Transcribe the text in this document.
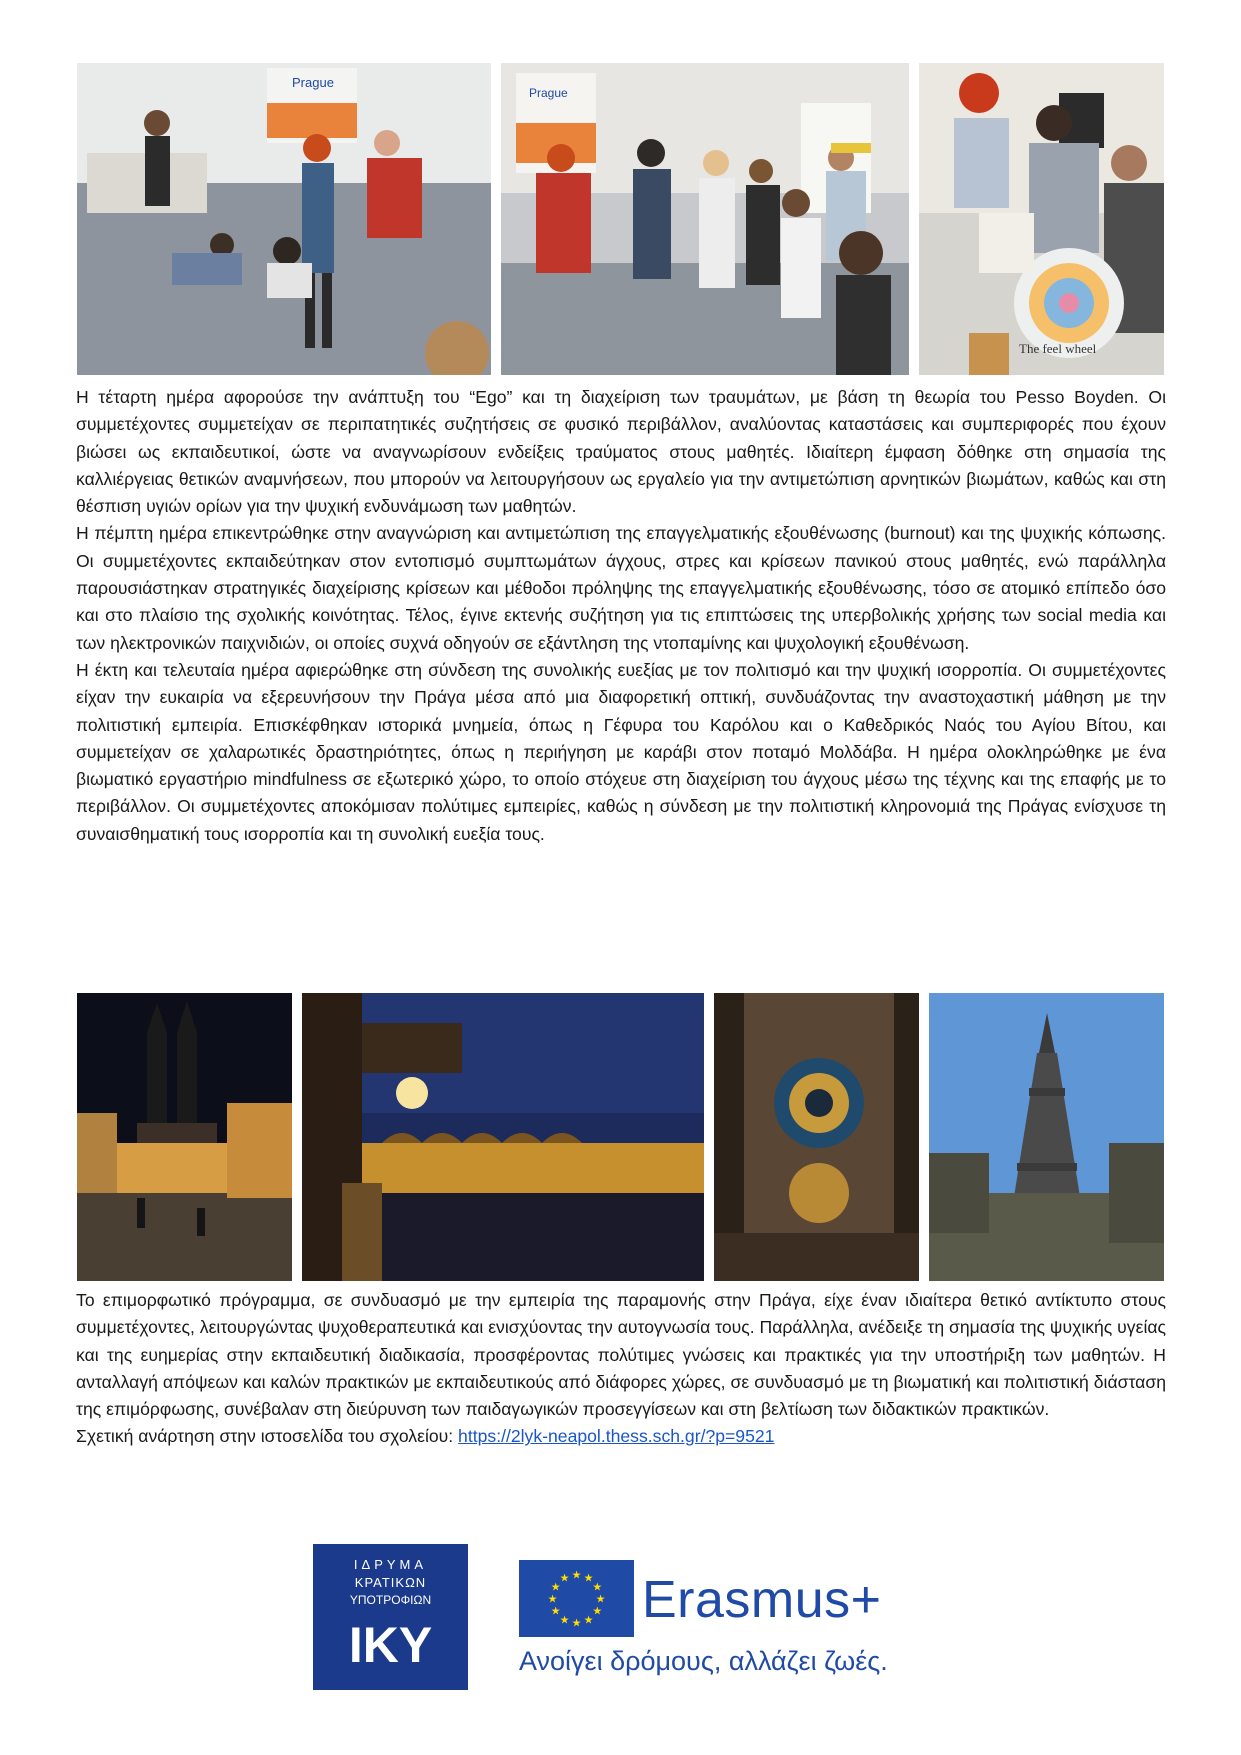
Prague
Prague
The feel wheel

Η τέταρτη ημέρα αφορούσε την ανάπτυξη του “Ego” και τη διαχείριση των τραυμάτων, με βάση τη θεωρία του Pesso Boyden. Οι συμμετέχοντες συμμετείχαν σε περιπατητικές συζητήσεις σε φυσικό περιβάλλον, αναλύοντας καταστάσεις και συμπεριφορές που έχουν βιώσει ως εκπαιδευτικοί, ώστε να αναγνωρίσουν ενδείξεις τραύματος στους μαθητές. Ιδιαίτερη έμφαση δόθηκε στη σημασία της καλλιέργειας θετικών αναμνήσεων, που μπορούν να λειτουργήσουν ως εργαλείο για την αντιμετώπιση αρνητικών βιωμάτων, καθώς και στη θέσπιση υγιών ορίων για την ψυχική ενδυνάμωση των μαθητών.

Η πέμπτη ημέρα επικεντρώθηκε στην αναγνώριση και αντιμετώπιση της επαγγελματικής εξουθένωσης (burnout) και της ψυχικής κόπωσης. Οι συμμετέχοντες εκπαιδεύτηκαν στον εντοπισμό συμπτωμάτων άγχους, στρες και κρίσεων πανικού στους μαθητές, ενώ παράλληλα παρουσιάστηκαν στρατηγικές διαχείρισης κρίσεων και μέθοδοι πρόληψης της επαγγελματικής εξουθένωσης, τόσο σε ατομικό επίπεδο όσο και στο πλαίσιο της σχολικής κοινότητας. Τέλος, έγινε εκτενής συζήτηση για τις επιπτώσεις της υπερβολικής χρήσης των social media και των ηλεκτρονικών παιχνιδιών, οι οποίες συχνά οδηγούν σε εξάντληση της ντοπαμίνης και ψυχολογική εξουθένωση.

Η έκτη και τελευταία ημέρα αφιερώθηκε στη σύνδεση της συνολικής ευεξίας με τον πολιτισμό και την ψυχική ισορροπία. Οι συμμετέχοντες είχαν την ευκαιρία να εξερευνήσουν την Πράγα μέσα από μια διαφορετική οπτική, συνδυάζοντας την αναστοχαστική μάθηση με την πολιτιστική εμπειρία. Επισκέφθηκαν ιστορικά μνημεία, όπως η Γέφυρα του Καρόλου και ο Καθεδρικός Ναός του Αγίου Βίτου, και συμμετείχαν σε χαλαρωτικές δραστηριότητες, όπως η περιήγηση με καράβι στον ποταμό Μολδάβα. Η ημέρα ολοκληρώθηκε με ένα βιωματικό εργαστήριο mindfulness σε εξωτερικό χώρο, το οποίο στόχευε στη διαχείριση του άγχους μέσω της τέχνης και της επαφής με το περιβάλλον. Οι συμμετέχοντες αποκόμισαν πολύτιμες εμπειρίες, καθώς η σύνδεση με την πολιτιστική κληρονομιά της Πράγας ενίσχυσε τη συναισθηματική τους ισορροπία και τη συνολική ευεξία τους.

Το επιμορφωτικό πρόγραμμα, σε συνδυασμό με την εμπειρία της παραμονής στην Πράγα, είχε έναν ιδιαίτερα θετικό αντίκτυπο στους συμμετέχοντες, λειτουργώντας ψυχοθεραπευτικά και ενισχύοντας την αυτογνωσία τους. Παράλληλα, ανέδειξε τη σημασία της ψυχικής υγείας και της ευημερίας στην εκπαιδευτική διαδικασία, προσφέροντας πολύτιμες γνώσεις και πρακτικές για την υποστήριξη των μαθητών. Η ανταλλαγή απόψεων και καλών πρακτικών με εκπαιδευτικούς από διάφορες χώρες, σε συνδυασμό με τη βιωματική και πολιτιστική διάσταση της επιμόρφωσης, συνέβαλαν στη διεύρυνση των παιδαγωγικών προσεγγίσεων και στη βελτίωση των διδακτικών πρακτικών.

Σχετική ανάρτηση στην ιστοσελίδα του σχολείου: https://2lyk-neapol.thess.sch.gr/?p=9521

ΙΔΡΥΜΑ
ΚΡΑΤΙΚΩΝ
ΥΠΟΤΡΟΦΙΩΝ
IKY
★ ★
★
★
★
★
★
★
★
★
★
★ Erasmus+
Ανοίγει δρόμους, αλλάζει ζωές.
